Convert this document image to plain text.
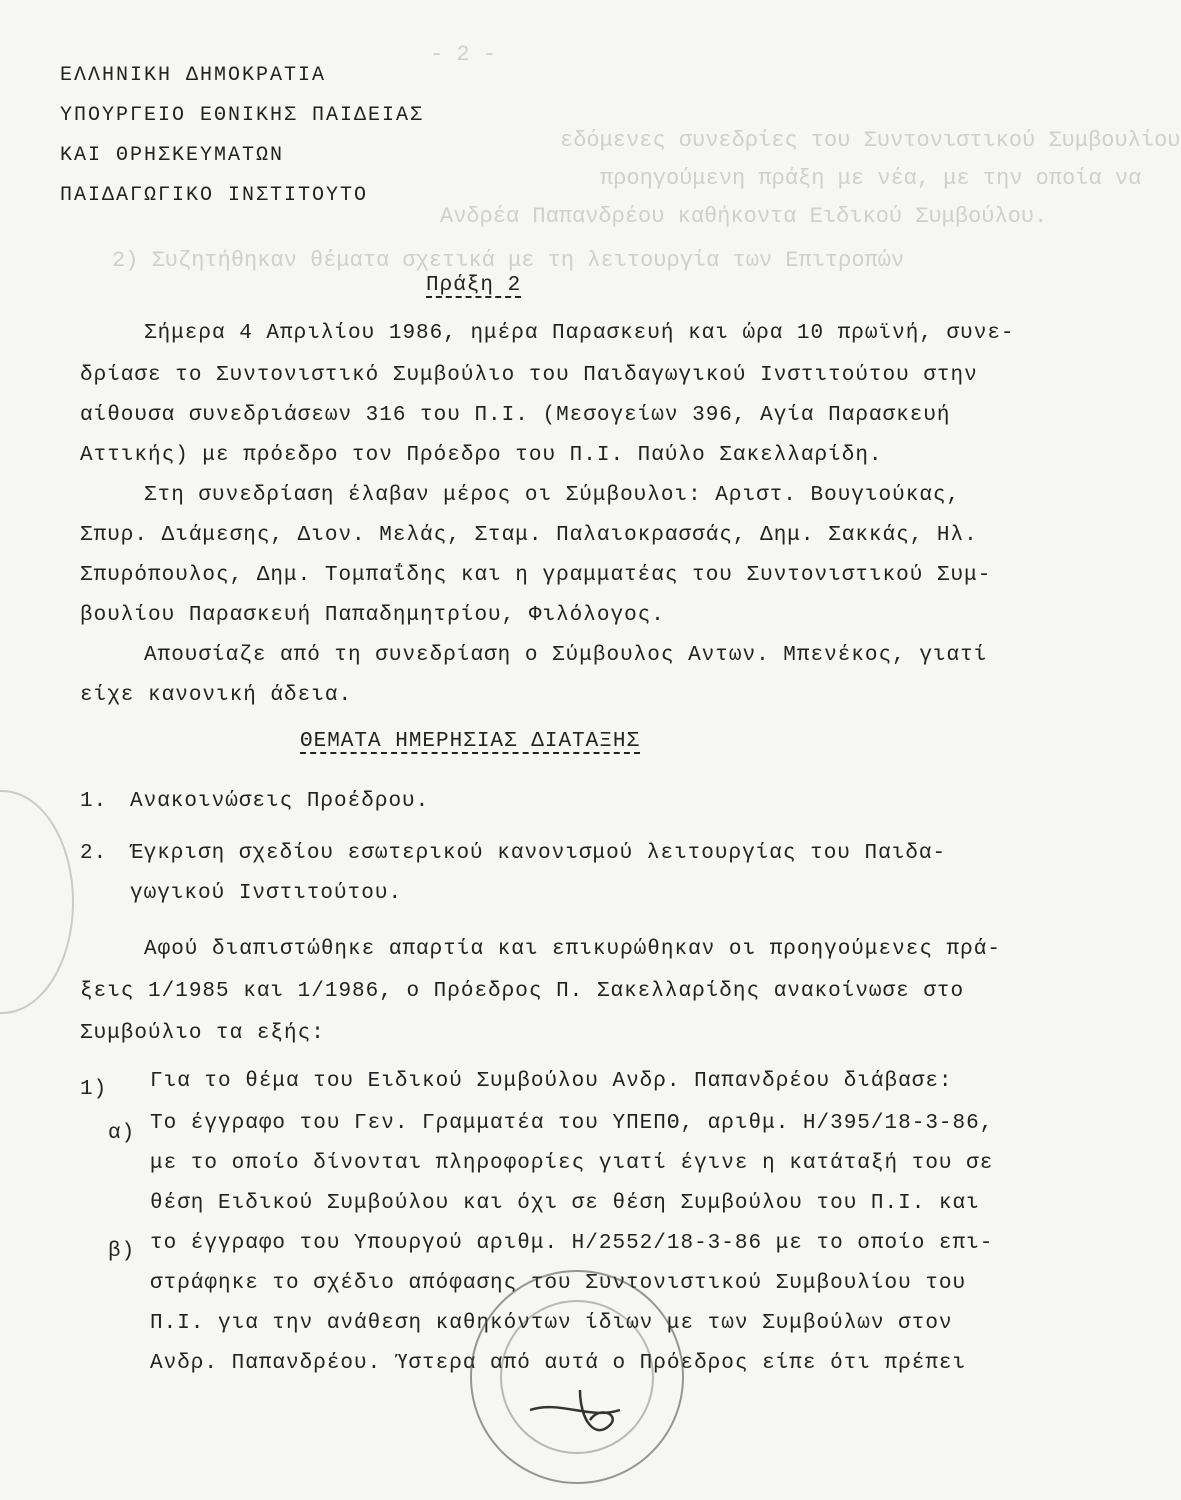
- 2 -
εδόμενες συνεδρίες του Συντονιστικού Συμβουλίου
προηγούμενη πράξη με νέα, με την οποία να
Ανδρέα Παπανδρέου καθήκοντα Ειδικού Συμβούλου.
2) Συζητήθηκαν θέματα σχετικά με τη λειτουργία των Επιτροπών
ΕΛΛΗΝΙΚΗ ΔΗΜΟΚΡΑΤΙΑ
ΥΠΟΥΡΓΕΙΟ ΕΘΝΙΚΗΣ ΠΑΙΔΕΙΑΣ
ΚΑΙ ΘΡΗΣΚΕΥΜΑΤΩΝ
ΠΑΙΔΑΓΩΓΙΚΟ ΙΝΣΤΙΤΟΥΤΟ
Πράξη 2
Σήμερα 4 Απριλίου 1986, ημέρα Παρασκευή και ώρα 10 πρωϊνή, συνε-
δρίασε το Συντονιστικό Συμβούλιο του Παιδαγωγικού Ινστιτούτου στην
αίθουσα συνεδριάσεων 316 του Π.Ι. (Μεσογείων 396, Αγία Παρασκευή
Αττικής) με πρόεδρο τον Πρόεδρο του Π.Ι. Παύλο Σακελλαρίδη.
Στη συνεδρίαση έλαβαν μέρος οι Σύμβουλοι: Αριστ. Βουγιούκας,
Σπυρ. Διάμεσης, Διον. Μελάς, Σταμ. Παλαιοκρασσάς, Δημ. Σακκάς, Ηλ.
Σπυρόπουλος, Δημ. Τομπαΐδης και η γραμματέας του Συντονιστικού Συμ-
βουλίου Παρασκευή Παπαδημητρίου, Φιλόλογος.
Απουσίαζε από τη συνεδρίαση ο Σύμβουλος Αντων. Μπενέκος, γιατί
είχε κανονική άδεια.
ΘΕΜΑΤΑ ΗΜΕΡΗΣΙΑΣ ΔΙΑΤΑΞΗΣ
1. Ανακοινώσεις Προέδρου.
2. Έγκριση σχεδίου εσωτερικού κανονισμού λειτουργίας του Παιδα-
γωγικού Ινστιτούτου.
Αφού διαπιστώθηκε απαρτία και επικυρώθηκαν οι προηγούμενες πρά-
ξεις 1/1985 και 1/1986, ο Πρόεδρος Π. Σακελλαρίδης ανακοίνωσε στο
Συμβούλιο τα εξής:
1) Για το θέμα του Ειδικού Συμβούλου Ανδρ. Παπανδρέου διάβασε:
α) Το έγγραφο του Γεν. Γραμματέα του ΥΠΕΠΘ, αριθμ. Η/395/18-3-86,
με το οποίο δίνονται πληροφορίες γιατί έγινε η κατάταξή του σε
θέση Ειδικού Συμβούλου και όχι σε θέση Συμβούλου του Π.Ι. και
β) το έγγραφο του Υπουργού αριθμ. Η/2552/18-3-86 με το οποίο επι-
στράφηκε το σχέδιο απόφασης του Συντονιστικού Συμβουλίου του
Π.Ι. για την ανάθεση καθηκόντων ίδιων με των Συμβούλων στον
Ανδρ. Παπανδρέου. Ύστερα από αυτά ο Πρόεδρος είπε ότι πρέπει
